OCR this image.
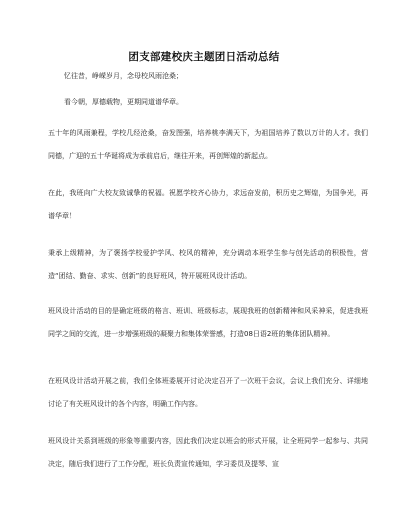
团支部建校庆主题团日活动总结
忆往昔，峥嵘岁月，念母校风雨沧桑；
看今朝，厚德载物，更期同道谱华章。
五十年的风雨兼程，学校几经沧桑，奋发图强，培养桃李满天下，为祖国培养了数以万计的人才。我们同德，广迎的五十华诞将成为承前启后，继往开来，再创辉煌的新起点。
在此，我班向广大校友致诚挚的祝福。祝愿学校齐心协力，求远奋发前，积历史之辉煌，为国争光，再谱华章！
秉承上级精神，为了褒扬学校爱护学风、校风的精神，充分调动本班学生参与创先活动的积极性，营造“团结、勤奋、求实、创新”的良好班风，特开展班风设计活动。
班风设计活动的目的是确定班级的格言、班训、班级标志，展现我班的创新精神和风采神采，促进我班同学之间的交流，进一步增强班级的凝聚力和集体荣誉感，打造08日语2班的集体团队精神。
在班风设计活动开展之前，我们全体班委展开讨论决定召开了一次班干会议，会议上我们充分、详细地讨论了有关班风设计的各个内容，明确工作内容。
班风设计关系到班级的形象等重要内容，因此我们决定以班会的形式开展，让全班同学一起参与、共同决定，随后我们进行了工作分配，班长负责宣传通知，学习委员及提琴、宣
